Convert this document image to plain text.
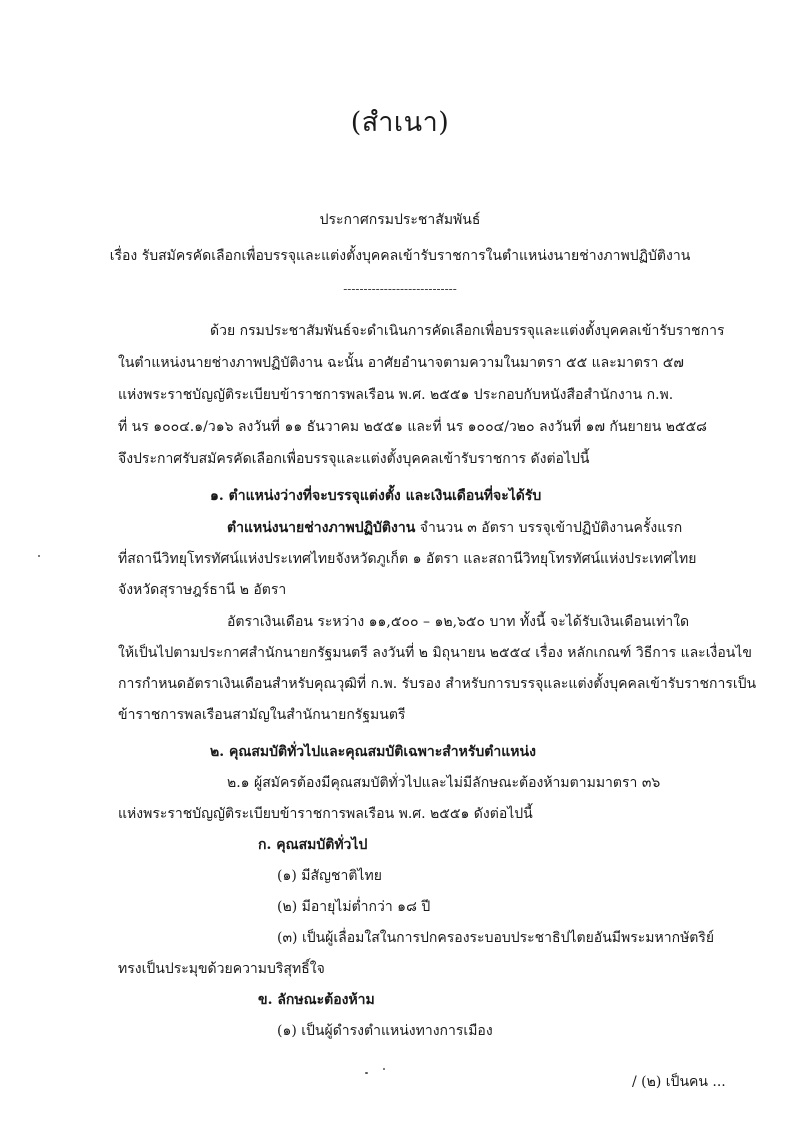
(สำเนา)
ประกาศกรมประชาสัมพันธ์
เรื่อง รับสมัครคัดเลือกเพื่อบรรจุและแต่งตั้งบุคคลเข้ารับราชการในตำแหน่งนายช่างภาพปฏิบัติงาน
----------------------------
ด้วย กรมประชาสัมพันธ์จะดำเนินการคัดเลือกเพื่อบรรจุและแต่งตั้งบุคคลเข้ารับราชการ
ในตำแหน่งนายช่างภาพปฏิบัติงาน ฉะนั้น อาศัยอำนาจตามความในมาตรา ๕๕ และมาตรา ๕๗
แห่งพระราชบัญญัติระเบียบข้าราชการพลเรือน พ.ศ. ๒๕๕๑ ประกอบกับหนังสือสำนักงาน ก.พ.
ที่ นร ๑๐๐๔.๑/ว๑๖ ลงวันที่ ๑๑ ธันวาคม ๒๕๕๑ และที่ นร ๑๐๐๔/ว๒๐ ลงวันที่ ๑๗ กันยายน ๒๕๕๘
จึงประกาศรับสมัครคัดเลือกเพื่อบรรจุและแต่งตั้งบุคคลเข้ารับราชการ ดังต่อไปนี้
๑. ตำแหน่งว่างที่จะบรรจุแต่งตั้ง และเงินเดือนที่จะได้รับ
ตำแหน่งนายช่างภาพปฏิบัติงาน จำนวน ๓ อัตรา บรรจุเข้าปฏิบัติงานครั้งแรก
ที่สถานีวิทยุโทรทัศน์แห่งประเทศไทยจังหวัดภูเก็ต ๑ อัตรา และสถานีวิทยุโทรทัศน์แห่งประเทศไทย
จังหวัดสุราษฎร์ธานี ๒ อัตรา
อัตราเงินเดือน ระหว่าง ๑๑,๕๐๐ – ๑๒,๖๕๐ บาท ทั้งนี้ จะได้รับเงินเดือนเท่าใด
ให้เป็นไปตามประกาศสำนักนายกรัฐมนตรี ลงวันที่ ๒ มิถุนายน ๒๕๕๔ เรื่อง หลักเกณฑ์ วิธีการ และเงื่อนไข
การกำหนดอัตราเงินเดือนสำหรับคุณวุฒิที่ ก.พ. รับรอง สำหรับการบรรจุและแต่งตั้งบุคคลเข้ารับราชการเป็น
ข้าราชการพลเรือนสามัญในสำนักนายกรัฐมนตรี
๒. คุณสมบัติทั่วไปและคุณสมบัติเฉพาะสำหรับตำแหน่ง
๒.๑ ผู้สมัครต้องมีคุณสมบัติทั่วไปและไม่มีลักษณะต้องห้ามตามมาตรา ๓๖
แห่งพระราชบัญญัติระเบียบข้าราชการพลเรือน พ.ศ. ๒๕๕๑ ดังต่อไปนี้
ก. คุณสมบัติทั่วไป
(๑) มีสัญชาติไทย
(๒) มีอายุไม่ต่ำกว่า ๑๘ ปี
(๓) เป็นผู้เลื่อมใสในการปกครองระบอบประชาธิปไตยอันมีพระมหากษัตริย์
ทรงเป็นประมุขด้วยความบริสุทธิ์ใจ
ข. ลักษณะต้องห้าม
(๑) เป็นผู้ดำรงตำแหน่งทางการเมือง
/ (๒) เป็นคน ...
